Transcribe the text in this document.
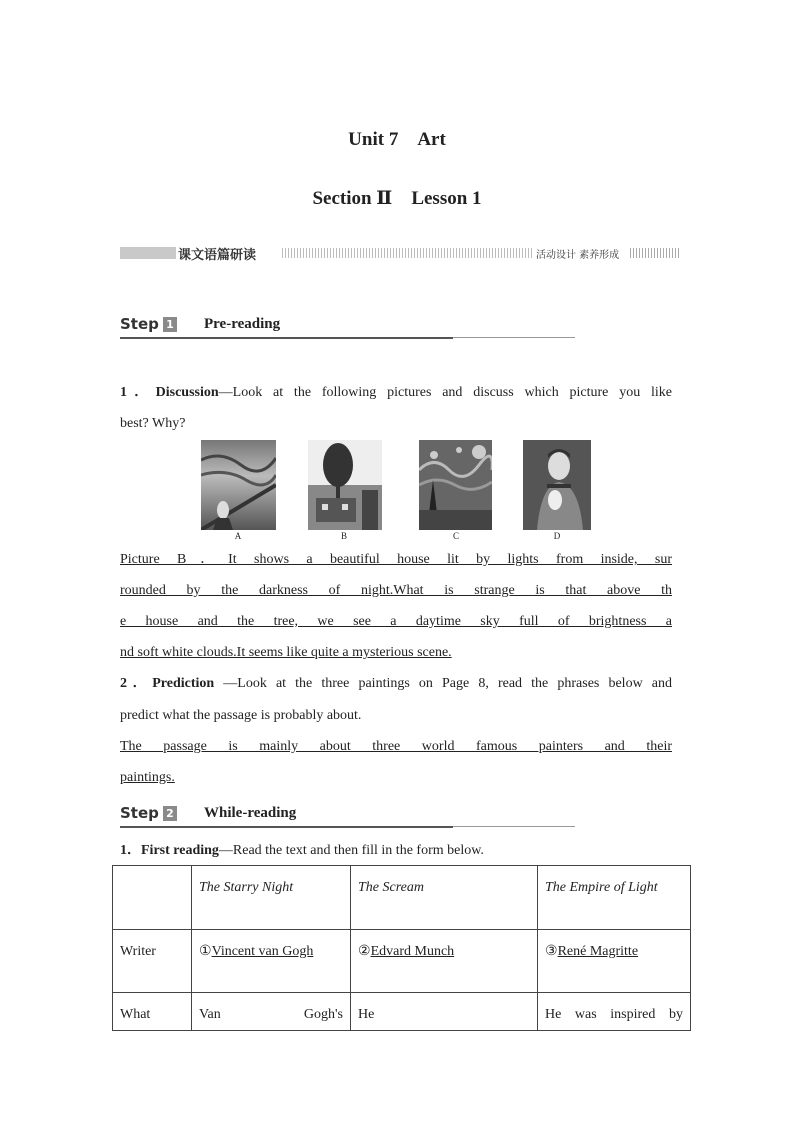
Unit 7　Art
Section Ⅱ　Lesson 1
课文语篇研读	活动设计 素养形成
Step 1 Pre-reading
1．Discussion—Look at the following pictures and discuss which picture you like
best? Why?
A	B	C	D
Picture B．It shows a beautiful house lit by lights from inside, sur
rounded by the darkness of night.What is strange is that above th
e house and the tree, we see a daytime sky full of brightness a
nd soft white clouds.It seems like quite a mysterious scene.
2．Prediction —Look at the three paintings on Page 8, read the phrases below and
predict what the passage is probably about.
The passage is mainly about three world famous painters and their
paintings.
Step 2 While-reading
1．First reading—Read the text and then fill in the form below.
	The Starry Night	The Scream	The Empire of Light
Writer	①Vincent van Gogh	②Edvard Munch	③René Magritte
What	Van Gogh's	He	He was inspired by
